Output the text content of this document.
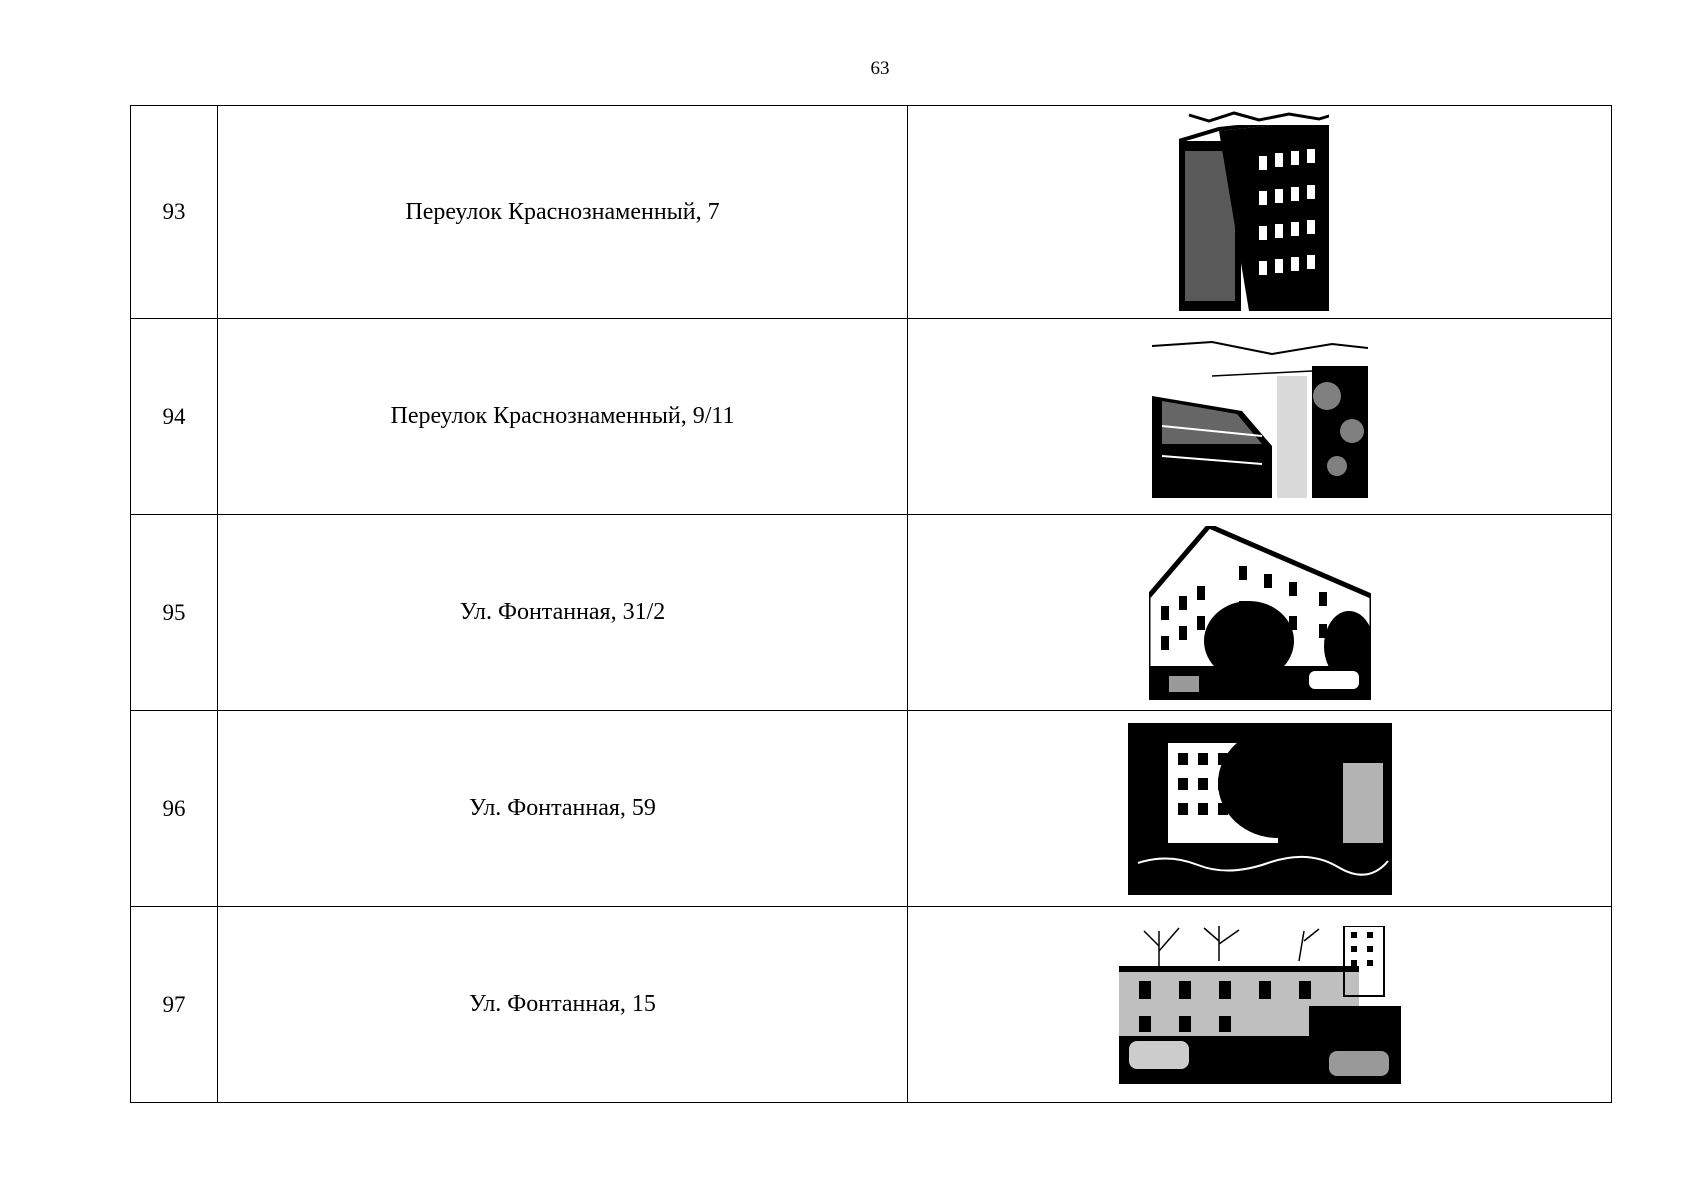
63
93	Переулок Краснознаменный, 7	

94	Переулок Краснознаменный, 9/11	

95	Ул. Фонтанная, 31/2	

96	Ул. Фонтанная, 59	

97	Ул. Фонтанная, 15	
